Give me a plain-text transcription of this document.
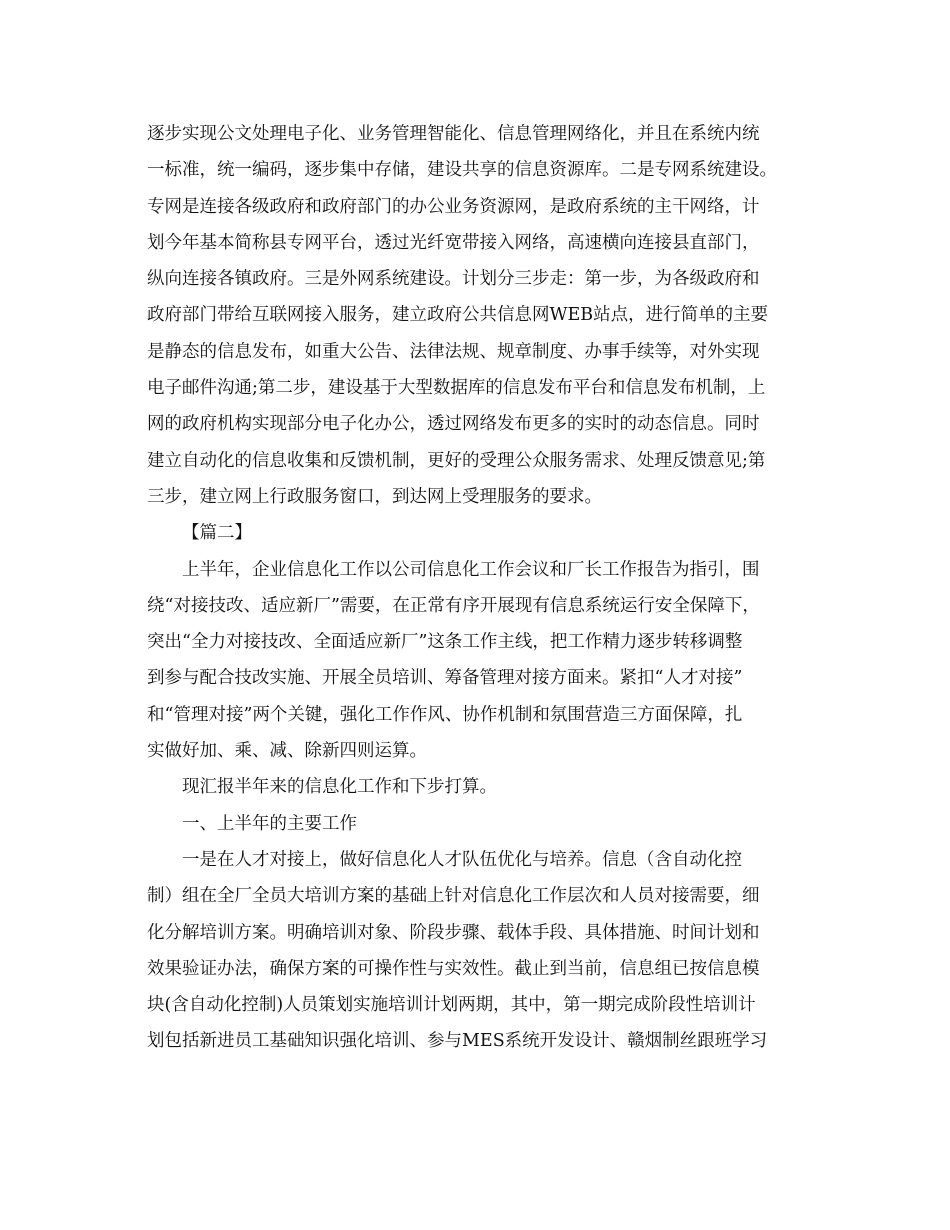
逐步实现公文处理电子化、业务管理智能化、信息管理网络化，并且在系统内统
一标准，统一编码，逐步集中存储，建设共享的信息资源库。二是专网系统建设。
专网是连接各级政府和政府部门的办公业务资源网，是政府系统的主干网络，计
划今年基本简称县专网平台，透过光纤宽带接入网络，高速横向连接县直部门，
纵向连接各镇政府。三是外网系统建设。计划分三步走：第一步，为各级政府和
政府部门带给互联网接入服务，建立政府公共信息网WEB站点，进行简单的主要
是静态的信息发布，如重大公告、法律法规、规章制度、办事手续等，对外实现
电子邮件沟通;第二步，建设基于大型数据库的信息发布平台和信息发布机制，上
网的政府机构实现部分电子化办公，透过网络发布更多的实时的动态信息。同时
建立自动化的信息收集和反馈机制，更好的受理公众服务需求、处理反馈意见;第
三步，建立网上行政服务窗口，到达网上受理服务的要求。
【篇二】
上半年，企业信息化工作以公司信息化工作会议和厂长工作报告为指引，围
绕“对接技改、适应新厂”需要，在正常有序开展现有信息系统运行安全保障下，
突出“全力对接技改、全面适应新厂”这条工作主线，把工作精力逐步转移调整
到参与配合技改实施、开展全员培训、筹备管理对接方面来。紧扣“人才对接”
和“管理对接”两个关键，强化工作作风、协作机制和氛围营造三方面保障，扎
实做好加、乘、减、除新四则运算。
现汇报半年来的信息化工作和下步打算。
一、上半年的主要工作
一是在人才对接上，做好信息化人才队伍优化与培养。信息（含自动化控
制）组在全厂全员大培训方案的基础上针对信息化工作层次和人员对接需要，细
化分解培训方案。明确培训对象、阶段步骤、载体手段、具体措施、时间计划和
效果验证办法，确保方案的可操作性与实效性。截止到当前，信息组已按信息模
块(含自动化控制)人员策划实施培训计划两期，其中，第一期完成阶段性培训计
划包括新进员工基础知识强化培训、参与MES系统开发设计、赣烟制丝跟班学习
